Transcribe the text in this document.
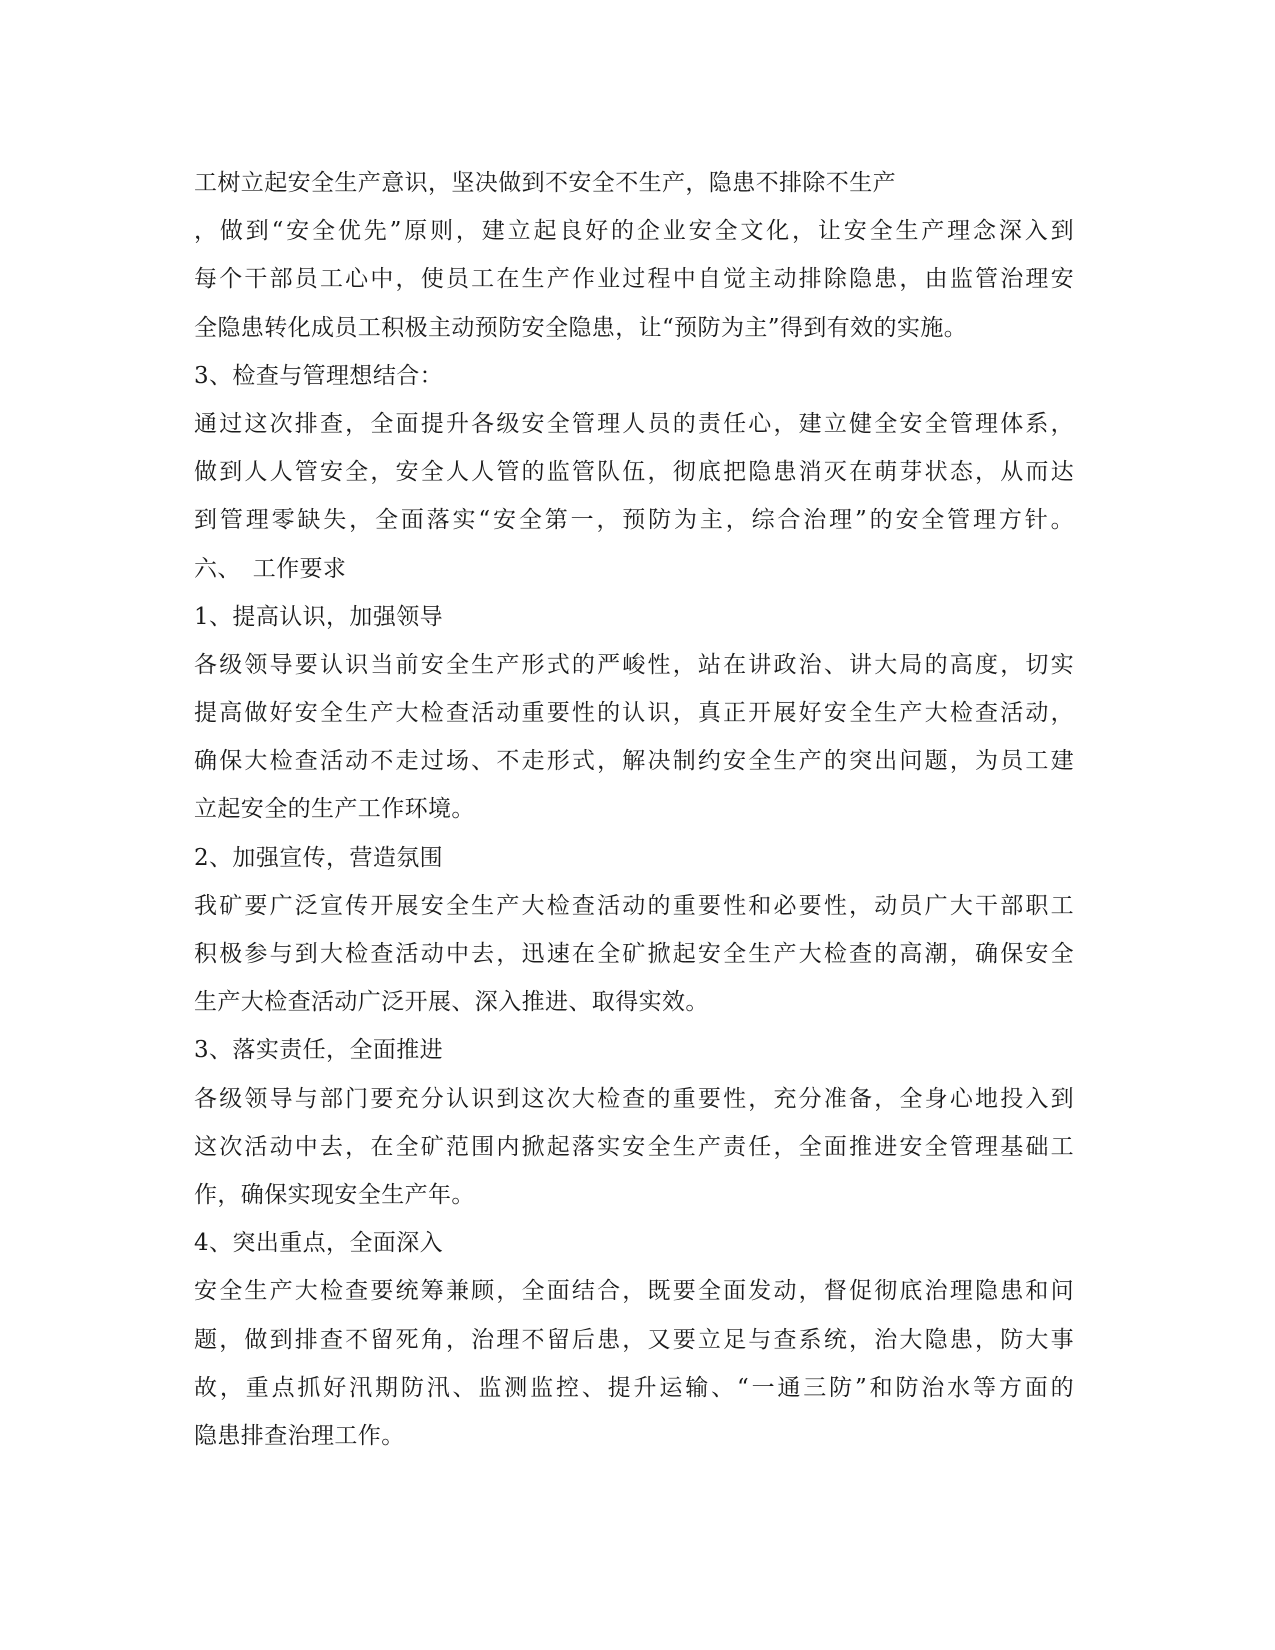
工树立起安全生产意识，坚决做到不安全不生产，隐患不排除不生产
，做到“安全优先”原则，建立起良好的企业安全文化，让安全生产理念深入到
每个干部员工心中，使员工在生产作业过程中自觉主动排除隐患，由监管治理安
全隐患转化成员工积极主动预防安全隐患，让“预防为主”得到有效的实施。
3、检查与管理想结合：
通过这次排查，全面提升各级安全管理人员的责任心，建立健全安全管理体系，
做到人人管安全，安全人人管的监管队伍，彻底把隐患消灭在萌芽状态，从而达
到管理零缺失，全面落实“安全第一，预防为主，综合治理”的安全管理方针。
六、　工作要求
1、提高认识，加强领导
各级领导要认识当前安全生产形式的严峻性，站在讲政治、讲大局的高度，切实
提高做好安全生产大检查活动重要性的认识，真正开展好安全生产大检查活动，
确保大检查活动不走过场、不走形式，解决制约安全生产的突出问题，为员工建
立起安全的生产工作环境。
2、加强宣传，营造氛围
我矿要广泛宣传开展安全生产大检查活动的重要性和必要性，动员广大干部职工
积极参与到大检查活动中去，迅速在全矿掀起安全生产大检查的高潮，确保安全
生产大检查活动广泛开展、深入推进、取得实效。
3、落实责任，全面推进
各级领导与部门要充分认识到这次大检查的重要性，充分准备，全身心地投入到
这次活动中去，在全矿范围内掀起落实安全生产责任，全面推进安全管理基础工
作，确保实现安全生产年。
4、突出重点，全面深入
安全生产大检查要统筹兼顾，全面结合，既要全面发动，督促彻底治理隐患和问
题，做到排查不留死角，治理不留后患，又要立足与查系统，治大隐患，防大事
故，重点抓好汛期防汛、监测监控、提升运输、“一通三防”和防治水等方面的
隐患排查治理工作。
